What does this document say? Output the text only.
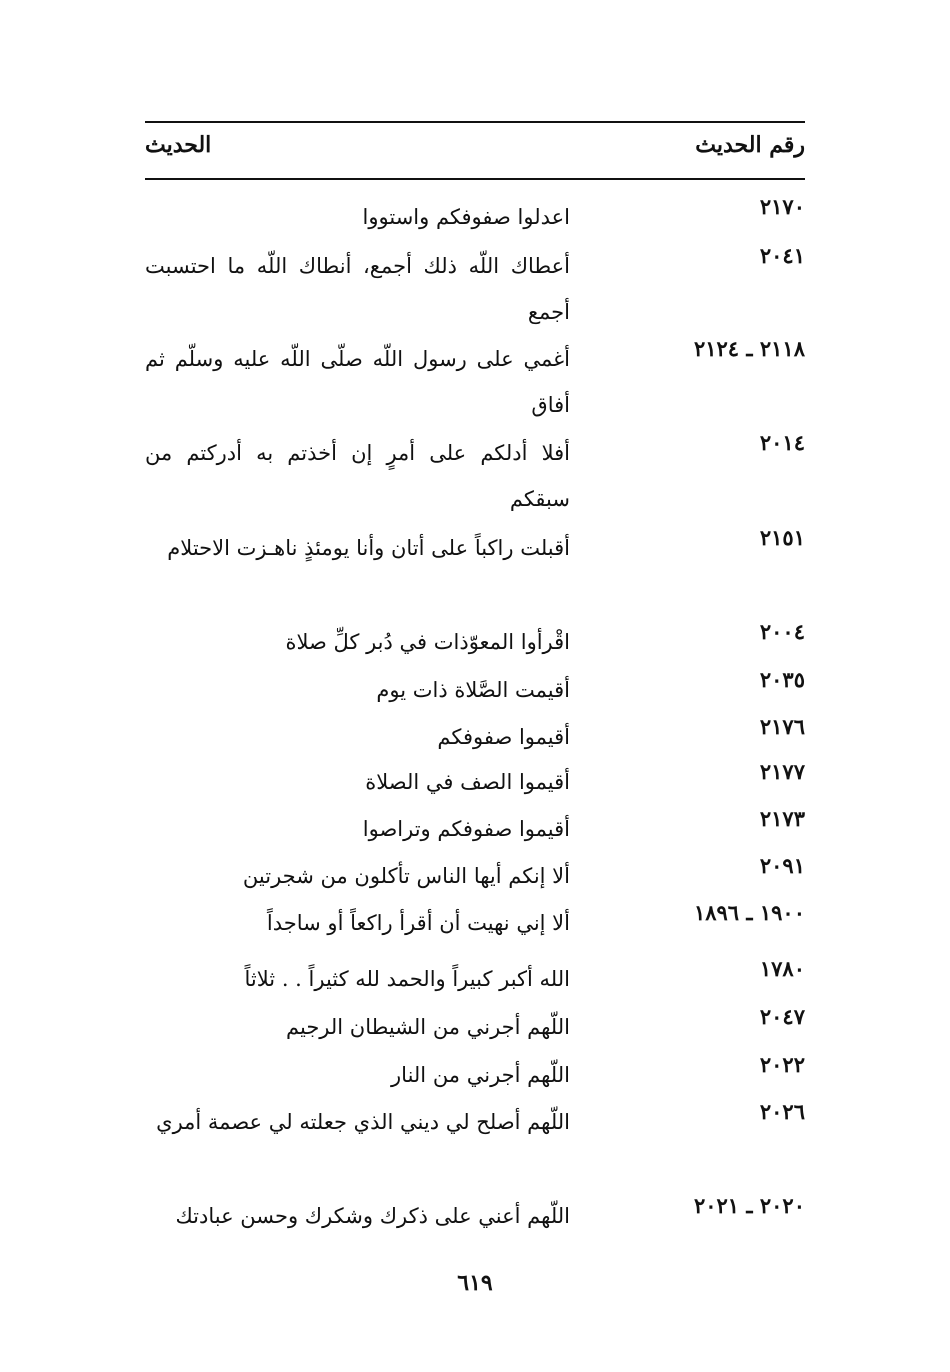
رقم الحديث
الحديث
٢١٧٠
اعدلوا صفوفكم واستووا
٢٠٤١
أعطاك اللّه ذلك أجمع، أنطاك اللّه ما احتسبت أجمع
٢١١٨ ـ ٢١٢٤
أغمي على رسول اللّه صلّى اللّه عليه وسلّم ثم أفاق
٢٠١٤
أفلا أدلكم على أمرٍ إن أخذتم به أدركتم من سبقكم
٢١٥١
أقبلت راكباً على أتان وأنا يومئذٍ ناهـزت الاحتلام
٢٠٠٤
اقْرأوا المعوّذات في دُبر كلِّ صلاة
٢٠٣٥
أقيمت الصَّلاة ذات يوم
٢١٧٦
أقيموا صفوفكم
٢١٧٧
أقيموا الصف في الصلاة
٢١٧٣
أقيموا صفوفكم وتراصوا
٢٠٩١
ألا إنكم أيها الناس تأكلون من شجرتين
١٩٠٠ ـ ١٨٩٦
ألا إني نهيت أن أقرأ راكعاً أو ساجداً
١٧٨٠
الله أكبر كبيراً والحمد لله كثيراً . . ثلاثاً
٢٠٤٧
اللّهم أجرني من الشيطان الرجيم
٢٠٢٢
اللّهم أجرني من النار
٢٠٢٦
اللّهم أصلح لي ديني الذي جعلته لي عصمة أمري
٢٠٢٠ ـ ٢٠٢١
اللّهم أعني على ذكرك وشكرك وحسن عبادتك
٦١٩
